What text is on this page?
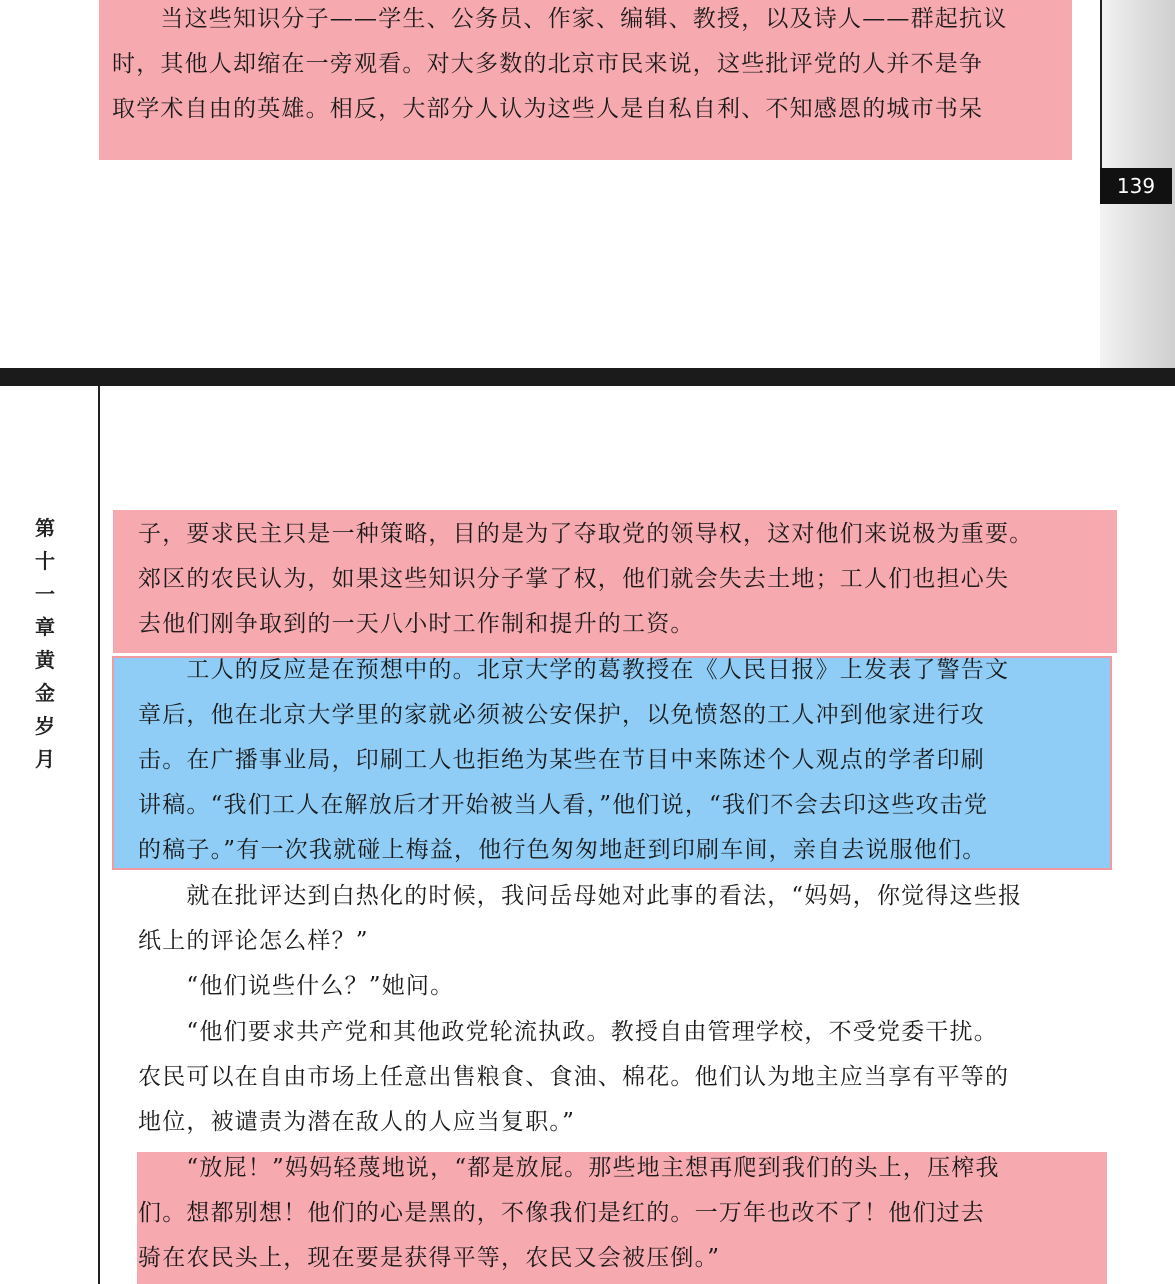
　　当这些知识分子——学生、公务员、作家、编辑、教授，以及诗人——群起抗议
时，其他人却缩在一旁观看。对大多数的北京市民来说，这些批评党的人并不是争
取学术自由的英雄。相反，大部分人认为这些人是自私自利、不知感恩的城市书呆

139
第
十
一
章
黄
金
岁
月

子，要求民主只是一种策略，目的是为了夺取党的领导权，这对他们来说极为重要。
郊区的农民认为，如果这些知识分子掌了权，他们就会失去土地；工人们也担心失
去他们刚争取到的一天八小时工作制和提升的工资。

　　工人的反应是在预想中的。北京大学的葛教授在《人民日报》上发表了警告文
章后，他在北京大学里的家就必须被公安保护，以免愤怒的工人冲到他家进行攻
击。在广播事业局，印刷工人也拒绝为某些在节目中来陈述个人观点的学者印刷
讲稿。“我们工人在解放后才开始被当人看，”他们说，“我们不会去印这些攻击党
的稿子。”有一次我就碰上梅益，他行色匆匆地赶到印刷车间，亲自去说服他们。

　　就在批评达到白热化的时候，我问岳母她对此事的看法，“妈妈，你觉得这些报
纸上的评论怎么样？”

　　“他们说些什么？”她问。

　　“他们要求共产党和其他政党轮流执政。教授自由管理学校，不受党委干扰。
农民可以在自由市场上任意出售粮食、食油、棉花。他们认为地主应当享有平等的
地位，被谴责为潜在敌人的人应当复职。”

　　“放屁！”妈妈轻蔑地说，“都是放屁。那些地主想再爬到我们的头上，压榨我
们。想都别想！他们的心是黑的，不像我们是红的。一万年也改不了！他们过去
骑在农民头上，现在要是获得平等，农民又会被压倒。”
